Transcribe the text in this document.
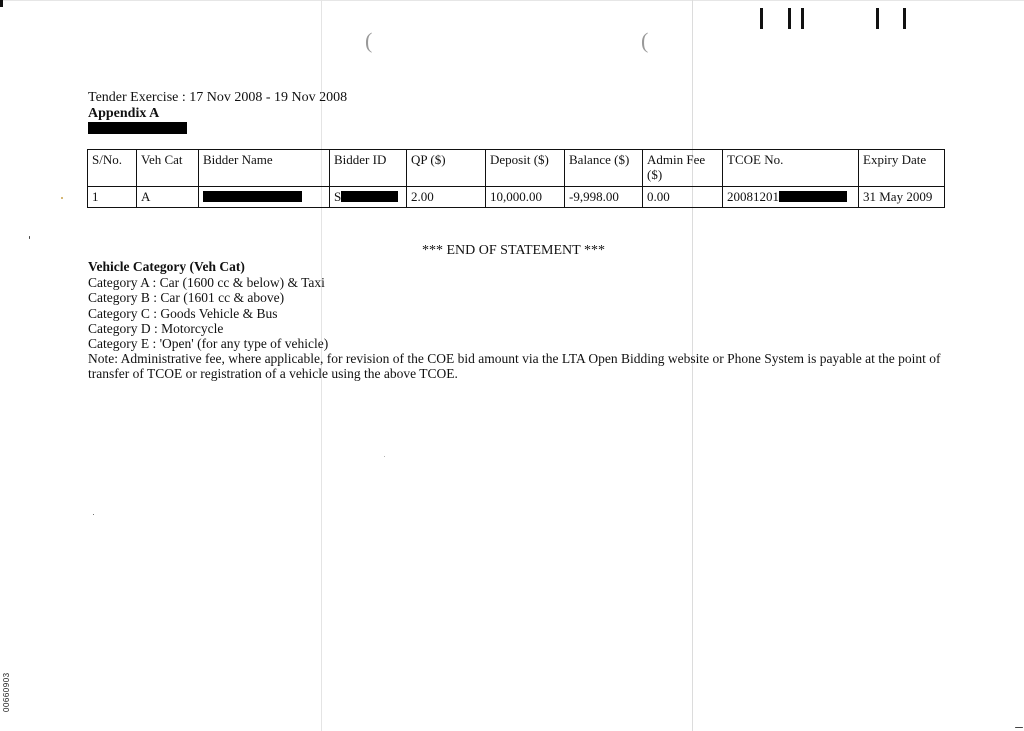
(	(
00660903
Tender Exercise : 17 Nov 2008 - 19 Nov 2008
Appendix A
S/No.	Veh Cat	Bidder Name	Bidder ID	QP ($)	Deposit ($)	Balance ($)	Admin Fee ($)	TCOE No.	Expiry Date
1	A		S	2.00	10,000.00	-9,998.00	0.00	20081201	31 May 2009
*** END OF STATEMENT ***
Vehicle Category (Veh Cat)
Category A : Car (1600 cc & below) & Taxi
Category B : Car (1601 cc & above)
Category C : Goods Vehicle & Bus
Category D : Motorcycle
Category E : 'Open' (for any type of vehicle)
Note: Administrative fee, where applicable, for revision of the COE bid amount via the LTA Open Bidding website or Phone System is payable at the point of transfer of TCOE or registration of a vehicle using the above TCOE.
